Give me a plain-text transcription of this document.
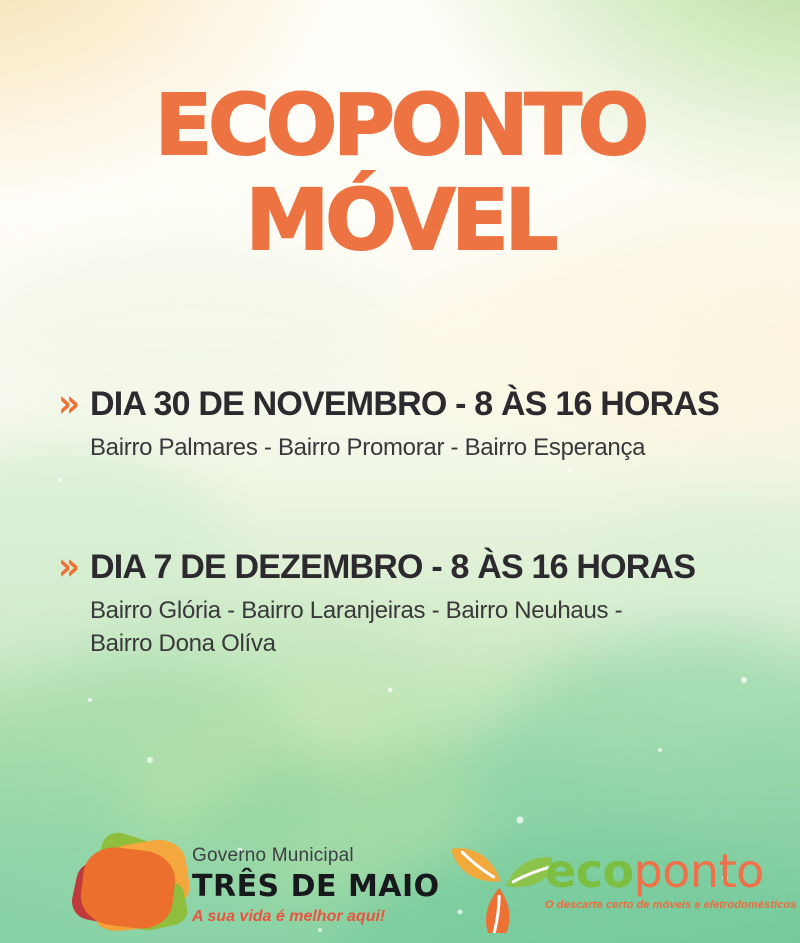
ECOPONTO
MÓVEL
» DIA 30 DE NOVEMBRO - 8 ÀS 16 HORAS

Bairro Palmares - Bairro Promorar - Bairro Esperança

» DIA 7 DE DEZEMBRO - 8 ÀS 16 HORAS

Bairro Glória - Bairro Laranjeiras - Bairro Neuhaus - Bairro Dona Olíva

Governo Municipal
TRÊS DE MAIO
A sua vida é melhor aqui!
ecoponto
O descarte certo de móveis e eletrodomésticos
